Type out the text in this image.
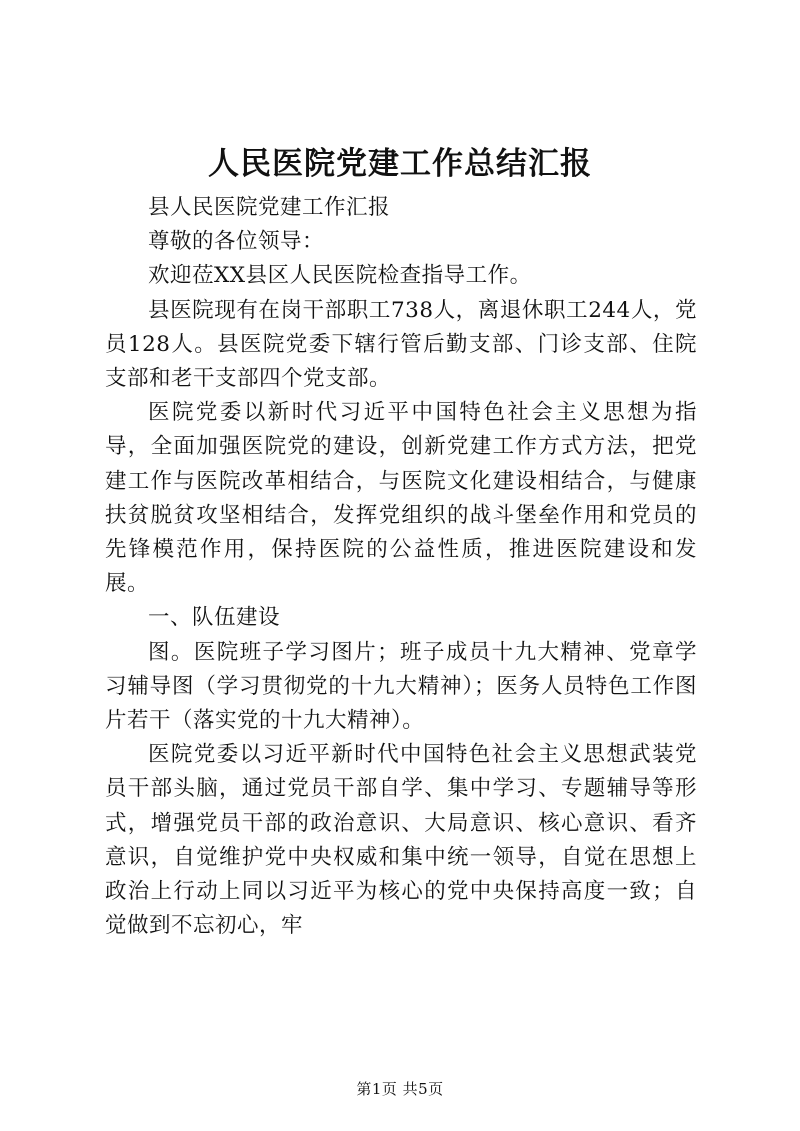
人民医院党建工作总结汇报

县人民医院党建工作汇报

尊敬的各位领导：

欢迎莅XX县区人民医院检查指导工作。

县医院现有在岗干部职工738人，离退休职工244人，党员128人。县医院党委下辖行管后勤支部、门诊支部、住院支部和老干支部四个党支部。

医院党委以新时代习近平中国特色社会主义思想为指导，全面加强医院党的建设，创新党建工作方式方法，把党建工作与医院改革相结合，与医院文化建设相结合，与健康扶贫脱贫攻坚相结合，发挥党组织的战斗堡垒作用和党员的先锋模范作用，保持医院的公益性质，推进医院建设和发展。

一、队伍建设

图。医院班子学习图片；班子成员十九大精神、党章学习辅导图（学习贯彻党的十九大精神）；医务人员特色工作图片若干（落实党的十九大精神）。

医院党委以习近平新时代中国特色社会主义思想武装党员干部头脑，通过党员干部自学、集中学习、专题辅导等形式，增强党员干部的政治意识、大局意识、核心意识、看齐意识，自觉维护党中央权威和集中统一领导，自觉在思想上政治上行动上同以习近平为核心的党中央保持高度一致；自觉做到不忘初心，牢

第1页 共5页
